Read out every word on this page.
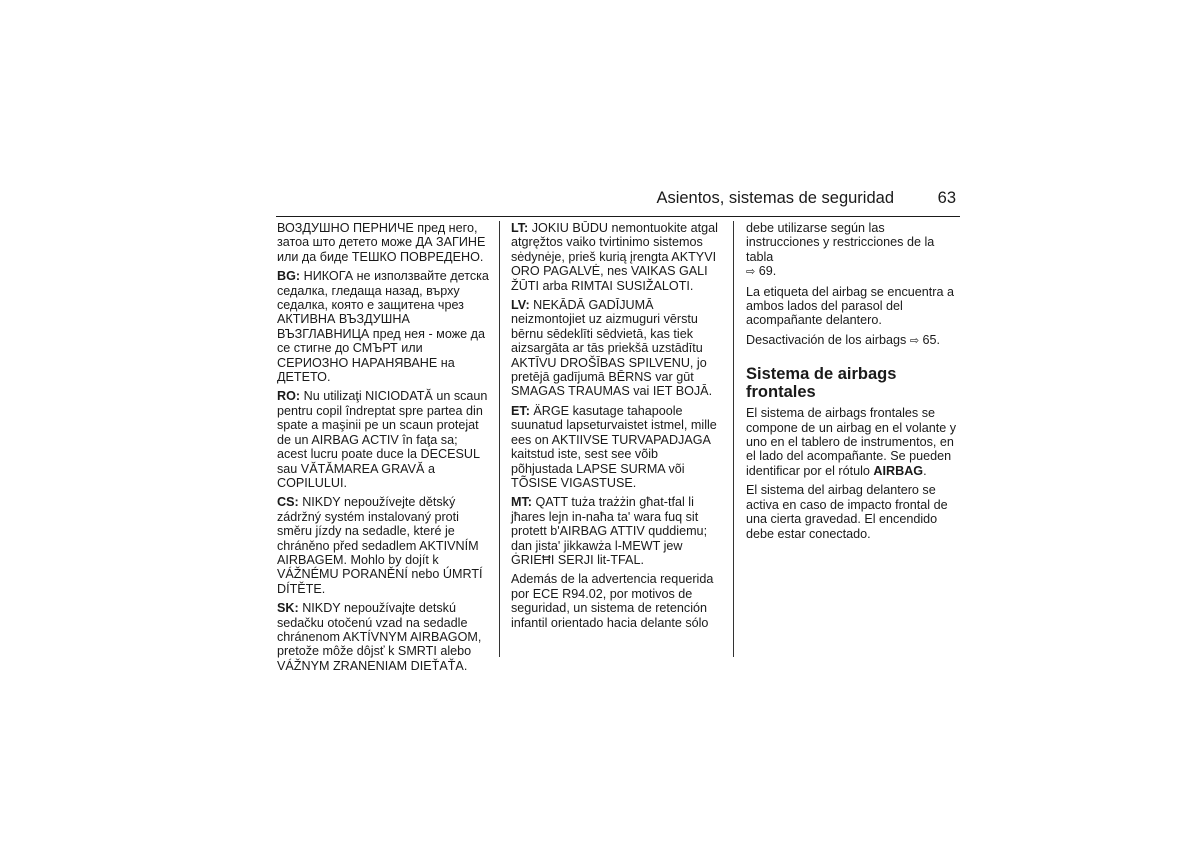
Asientos, sistemas de seguridad	63

ВОЗДУШНО ПЕРНИЧЕ пред него, затоа што детето може ДА ЗАГИНЕ или да биде ТЕШКО ПОВРЕДЕНО.

BG: НИКОГА не използвайте детска седалка, гледаща назад, върху седалка, която е защитена чрез АКТИВНА ВЪЗДУШНА ВЪЗГЛАВНИЦА пред нея - може да се стигне до СМЪРТ или СЕРИОЗНО НАРАНЯВАНЕ на ДЕТЕТО.

RO: Nu utilizaţi NICIODATĂ un scaun pentru copil îndreptat spre partea din spate a maşinii pe un scaun protejat de un AIRBAG ACTIV în faţa sa; acest lucru poate duce la DECESUL sau VĂTĂMAREA GRAVĂ a COPILULUI.

CS: NIKDY nepoužívejte dětský zádržný systém instalovaný proti směru jízdy na sedadle, které je chráněno před sedadlem AKTIVNÍM AIRBAGEM. Mohlo by dojít k VÁŽNÉMU PORANĚNÍ nebo ÚMRTÍ DÍTĚTE.

SK: NIKDY nepoužívajte detskú sedačku otočenú vzad na sedadle chránenom AKTÍVNYM AIRBAGOM, pretože môže dôjsť k SMRTI alebo VÁŽNYM ZRANENIAM DIEŤAŤA.

LT: JOKIU BŪDU nemontuokite atgal atgręžtos vaiko tvirtinimo sistemos sėdynėje, prieš kurią įrengta AKTYVI ORO PAGALVĖ, nes VAIKAS GALI ŽŪTI arba RIMTAI SUSIŽALOTI.

LV: NEKĀDĀ GADĪJUMĀ neizmontojiet uz aizmuguri vērstu bērnu sēdeklīti sēdvietā, kas tiek aizsargāta ar tās priekšā uzstādītu AKTĪVU DROŠĪBAS SPILVENU, jo pretējā gadījumā BĒRNS var gūt SMAGAS TRAUMAS vai IET BOJĀ.

ET: ÄRGE kasutage tahapoole suunatud lapseturvaistet istmel, mille ees on AKTIIVSE TURVAPADJAGA kaitstud iste, sest see võib põhjustada LAPSE SURMA või TÕSISE VIGASTUSE.

MT: QATT tuża trażżin għat-tfal li jħares lejn in-naħa ta' wara fuq sit protett b'AIRBAG ATTIV quddiemu; dan jista' jikkawża l-MEWT jew ĠRIEĦI SERJI lit-TFAL.

Además de la advertencia requerida por ECE R94.02, por motivos de seguridad, un sistema de retención infantil orientado hacia delante sólo

debe utilizarse según las instrucciones y restricciones de la tabla
⇨ 69.

La etiqueta del airbag se encuentra a ambos lados del parasol del acompañante delantero.

Desactivación de los airbags ⇨ 65.

Sistema de airbags frontales

El sistema de airbags frontales se compone de un airbag en el volante y uno en el tablero de instrumentos, en el lado del acompañante. Se pueden identificar por el rótulo AIRBAG.

El sistema del airbag delantero se activa en caso de impacto frontal de una cierta gravedad. El encendido debe estar conectado.
